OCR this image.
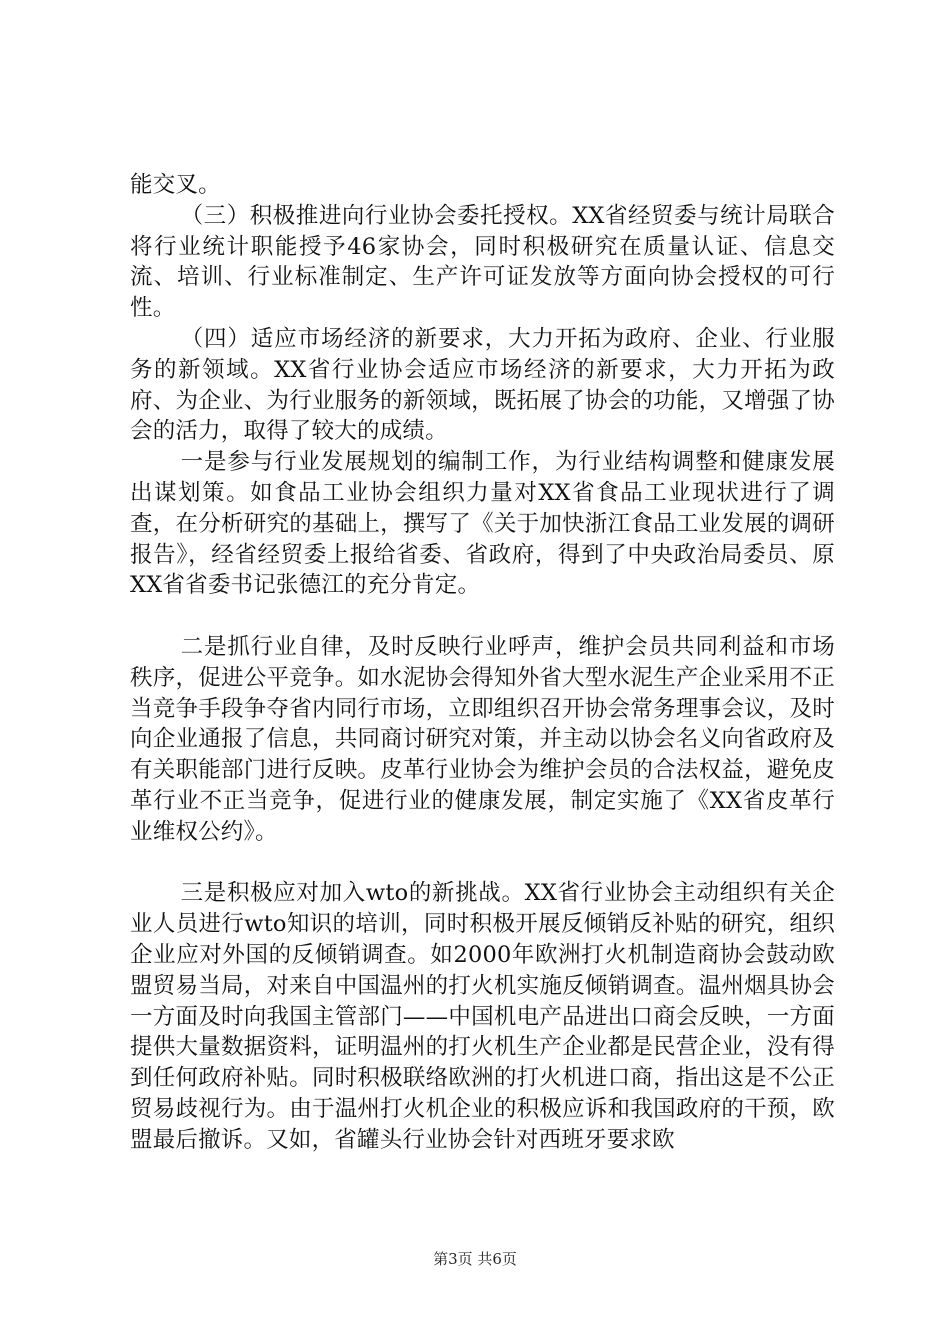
能交叉。

（三）积极推进向行业协会委托授权。XX省经贸委与统计局联合将行业统计职能授予46家协会，同时积极研究在质量认证、信息交流、培训、行业标准制定、生产许可证发放等方面向协会授权的可行性。

（四）适应市场经济的新要求，大力开拓为政府、企业、行业服务的新领域。XX省行业协会适应市场经济的新要求，大力开拓为政府、为企业、为行业服务的新领域，既拓展了协会的功能，又增强了协会的活力，取得了较大的成绩。

一是参与行业发展规划的编制工作，为行业结构调整和健康发展出谋划策。如食品工业协会组织力量对XX省食品工业现状进行了调查，在分析研究的基础上，撰写了《关于加快浙江食品工业发展的调研报告》，经省经贸委上报给省委、省政府，得到了中央政治局委员、原XX省省委书记张德江的充分肯定。

二是抓行业自律，及时反映行业呼声，维护会员共同利益和市场秩序，促进公平竞争。如水泥协会得知外省大型水泥生产企业采用不正当竞争手段争夺省内同行市场，立即组织召开协会常务理事会议，及时向企业通报了信息，共同商讨研究对策，并主动以协会名义向省政府及有关职能部门进行反映。皮革行业协会为维护会员的合法权益，避免皮革行业不正当竞争，促进行业的健康发展，制定实施了《XX省皮革行业维权公约》。

三是积极应对加入wto的新挑战。XX省行业协会主动组织有关企业人员进行wto知识的培训，同时积极开展反倾销反补贴的研究，组织企业应对外国的反倾销调查。如2000年欧洲打火机制造商协会鼓动欧盟贸易当局，对来自中国温州的打火机实施反倾销调查。温州烟具协会一方面及时向我国主管部门——中国机电产品进出口商会反映，一方面提供大量数据资料，证明温州的打火机生产企业都是民营企业，没有得到任何政府补贴。同时积极联络欧洲的打火机进口商，指出这是不公正贸易歧视行为。由于温州打火机企业的积极应诉和我国政府的干预，欧盟最后撤诉。又如，省罐头行业协会针对西班牙要求欧

第3页 共6页
